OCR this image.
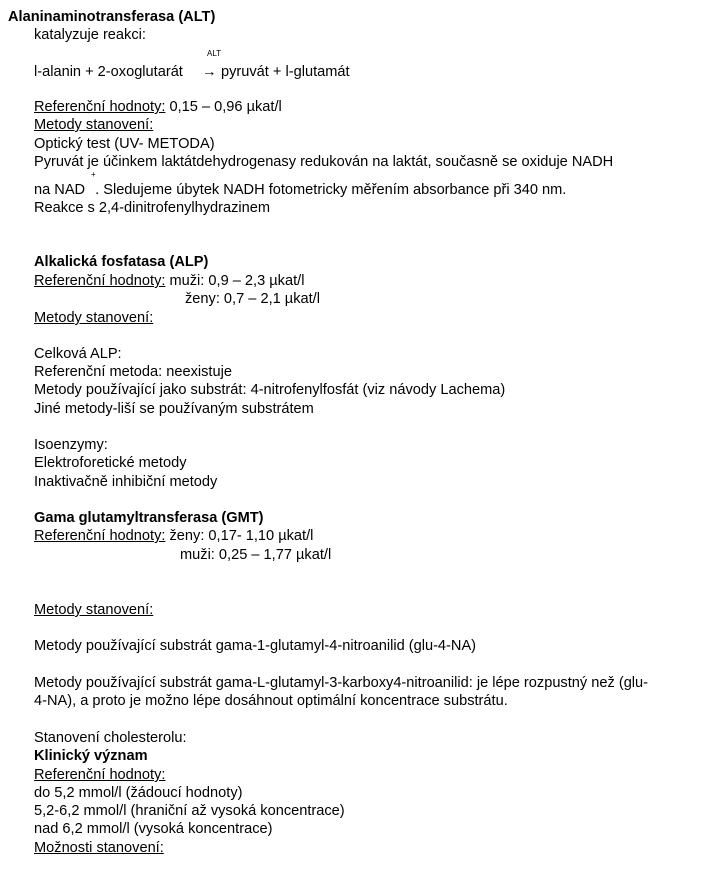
Alaninaminotransferasa (ALT)
katalyzuje reakci:
l-alanin + 2-oxoglutarát
ALT
→ pyruvát + l-glutamát
Referenční hodnoty: 0,15 – 0,96 µkat/l
Metody stanovení:
Optický test (UV- METODA)
Pyruvát je účinkem laktátdehydrogenasy redukován na laktát, současně se oxiduje NADH
na NAD . Sledujeme úbytek NADH fotometricky měřením absorbance při 340 nm.
+
Reakce s 2,4-dinitrofenylhydrazinem
Alkalická fosfatasa (ALP)
Referenční hodnoty: muži: 0,9 – 2,3 µkat/l
ženy: 0,7 – 2,1 µkat/l
Metody stanovení:
Celková ALP:
Referenční metoda: neexistuje
Metody používající jako substrát: 4-nitrofenylfosfát (viz návody Lachema)
Jiné metody-liší se používaným substrátem
Isoenzymy:
Elektroforetické metody
Inaktivačně inhibiční metody
Gama glutamyltransferasa (GMT)
Referenční hodnoty: ženy: 0,17- 1,10 µkat/l
muži: 0,25 – 1,77 µkat/l
Metody stanovení:
Metody používající substrát gama-1-glutamyl-4-nitroanilid (glu-4-NA)
Metody používající substrát gama-L-glutamyl-3-karboxy4-nitroanilid: je lépe rozpustný než (glu-
4-NA), a proto je možno lépe dosáhnout optimální koncentrace substrátu.
Stanovení cholesterolu:
Klinický význam
Referenční hodnoty:
do 5,2 mmol/l (žádoucí hodnoty)
5,2-6,2 mmol/l (hraniční až vysoká koncentrace)
nad 6,2 mmol/l (vysoká koncentrace)
Možnosti stanovení:
